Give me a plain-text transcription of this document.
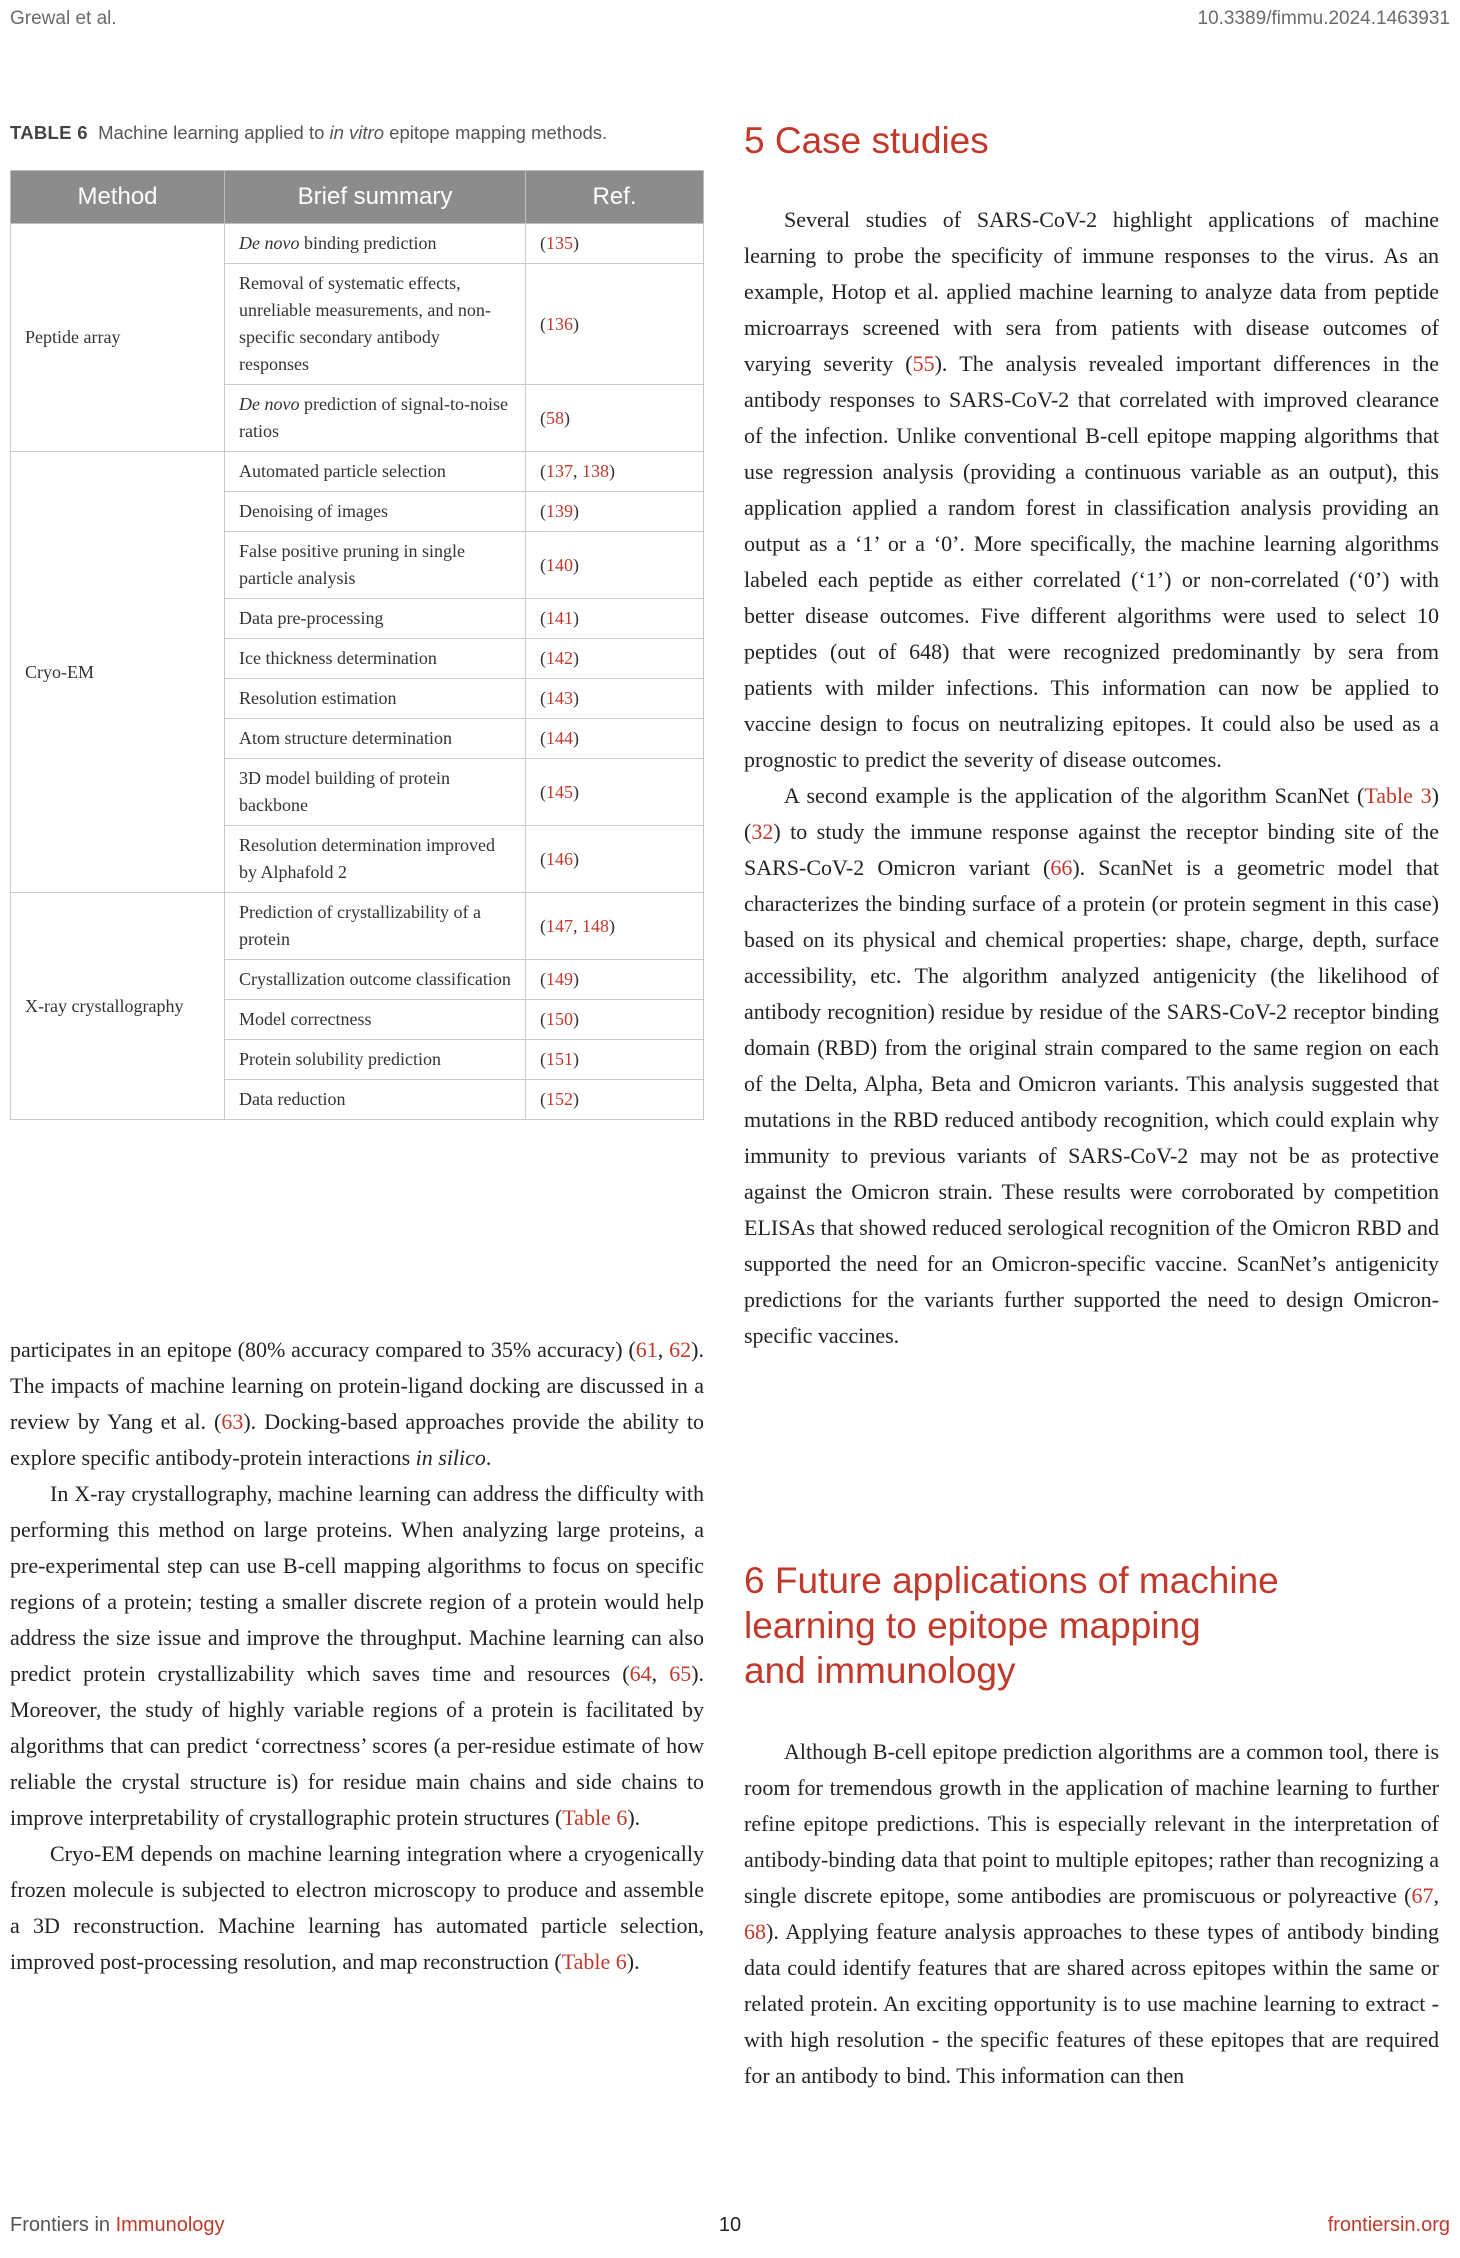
Grewal et al.	10.3389/fimmu.2024.1463931
TABLE 6 Machine learning applied to in vitro epitope mapping methods.
Method	Brief summary	Ref.
Peptide array	De novo binding prediction	(135)
	Removal of systematic effects, unreliable measurements, and non-specific secondary antibody responses	(136)
	De novo prediction of signal-to-noise ratios	(58)
Cryo-EM	Automated particle selection	(137, 138)
	Denoising of images	(139)
	False positive pruning in single particle analysis	(140)
	Data pre-processing	(141)
	Ice thickness determination	(142)
	Resolution estimation	(143)
	Atom structure determination	(144)
	3D model building of protein backbone	(145)
	Resolution determination improved by Alphafold 2	(146)
X-ray crystallography	Prediction of crystallizability of a protein	(147, 148)
	Crystallization outcome classification	(149)
	Model correctness	(150)
	Protein solubility prediction	(151)
	Data reduction	(152)

participates in an epitope (80% accuracy compared to 35% accuracy) (61, 62). The impacts of machine learning on protein-ligand docking are discussed in a review by Yang et al. (63). Docking-based approaches provide the ability to explore specific antibody-protein interactions in silico.

In X-ray crystallography, machine learning can address the difficulty with performing this method on large proteins. When analyzing large proteins, a pre-experimental step can use B-cell mapping algorithms to focus on specific regions of a protein; testing a smaller discrete region of a protein would help address the size issue and improve the throughput. Machine learning can also predict protein crystallizability which saves time and resources (64, 65). Moreover, the study of highly variable regions of a protein is facilitated by algorithms that can predict ‘correctness’ scores (a per-residue estimate of how reliable the crystal structure is) for residue main chains and side chains to improve interpretability of crystallographic protein structures (Table 6).

Cryo-EM depends on machine learning integration where a cryogenically frozen molecule is subjected to electron microscopy to produce and assemble a 3D reconstruction. Machine learning has automated particle selection, improved post-processing resolution, and map reconstruction (Table 6).

5 Case studies

Several studies of SARS-CoV-2 highlight applications of machine learning to probe the specificity of immune responses to the virus. As an example, Hotop et al. applied machine learning to analyze data from peptide microarrays screened with sera from patients with disease outcomes of varying severity (55). The analysis revealed important differences in the antibody responses to SARS-CoV-2 that correlated with improved clearance of the infection. Unlike conventional B-cell epitope mapping algorithms that use regression analysis (providing a continuous variable as an output), this application applied a random forest in classification analysis providing an output as a ‘1’ or a ‘0’. More specifically, the machine learning algorithms labeled each peptide as either correlated (‘1’) or non-correlated (‘0’) with better disease outcomes. Five different algorithms were used to select 10 peptides (out of 648) that were recognized predominantly by sera from patients with milder infections. This information can now be applied to vaccine design to focus on neutralizing epitopes. It could also be used as a prognostic to predict the severity of disease outcomes.

A second example is the application of the algorithm ScanNet (Table 3) (32) to study the immune response against the receptor binding site of the SARS-CoV-2 Omicron variant (66). ScanNet is a geometric model that characterizes the binding surface of a protein (or protein segment in this case) based on its physical and chemical properties: shape, charge, depth, surface accessibility, etc. The algorithm analyzed antigenicity (the likelihood of antibody recognition) residue by residue of the SARS-CoV-2 receptor binding domain (RBD) from the original strain compared to the same region on each of the Delta, Alpha, Beta and Omicron variants. This analysis suggested that mutations in the RBD reduced antibody recognition, which could explain why immunity to previous variants of SARS-CoV-2 may not be as protective against the Omicron strain. These results were corroborated by competition ELISAs that showed reduced serological recognition of the Omicron RBD and supported the need for an Omicron-specific vaccine. ScanNet’s antigenicity predictions for the variants further supported the need to design Omicron-specific vaccines.

6 Future applications of machine
learning to epitope mapping
and immunology

Although B-cell epitope prediction algorithms are a common tool, there is room for tremendous growth in the application of machine learning to further refine epitope predictions. This is especially relevant in the interpretation of antibody-binding data that point to multiple epitopes; rather than recognizing a single discrete epitope, some antibodies are promiscuous or polyreactive (67, 68). Applying feature analysis approaches to these types of antibody binding data could identify features that are shared across epitopes within the same or related protein. An exciting opportunity is to use machine learning to extract -with high resolution - the specific features of these epitopes that are required for an antibody to bind. This information can then

Frontiers in Immunology	10	frontiersin.org
